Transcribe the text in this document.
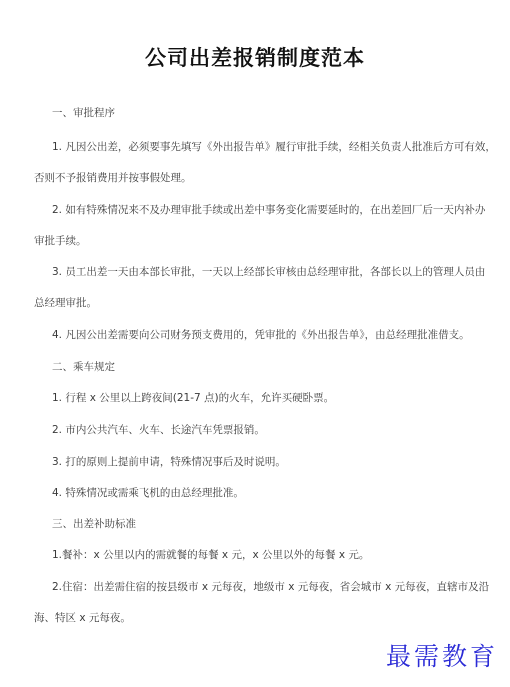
公司出差报销制度范本
一、审批程序
1. 凡因公出差，必须要事先填写《外出报告单》履行审批手续，经相关负责人批准后方可有效，
否则不予报销费用并按事假处理。
2. 如有特殊情况来不及办理审批手续或出差中事务变化需要延时的，在出差回厂后一天内补办
审批手续。
3. 员工出差一天由本部长审批，一天以上经部长审核由总经理审批，各部长以上的管理人员由
总经理审批。
4. 凡因公出差需要向公司财务预支费用的，凭审批的《外出报告单》，由总经理批准借支。
二、乘车规定
1. 行程 x 公里以上跨夜间(21-7 点)的火车，允许买硬卧票。
2. 市内公共汽车、火车、长途汽车凭票报销。
3. 打的原则上提前申请，特殊情况事后及时说明。
4. 特殊情况或需乘飞机的由总经理批准。
三、出差补助标准
1.餐补：x 公里以内的需就餐的每餐 x 元，x 公里以外的每餐 x 元。
2.住宿：出差需住宿的按县级市 x 元每夜，地级市 x 元每夜，省会城市 x 元每夜，直辖市及沿
海、特区 x 元每夜。
最需教育
